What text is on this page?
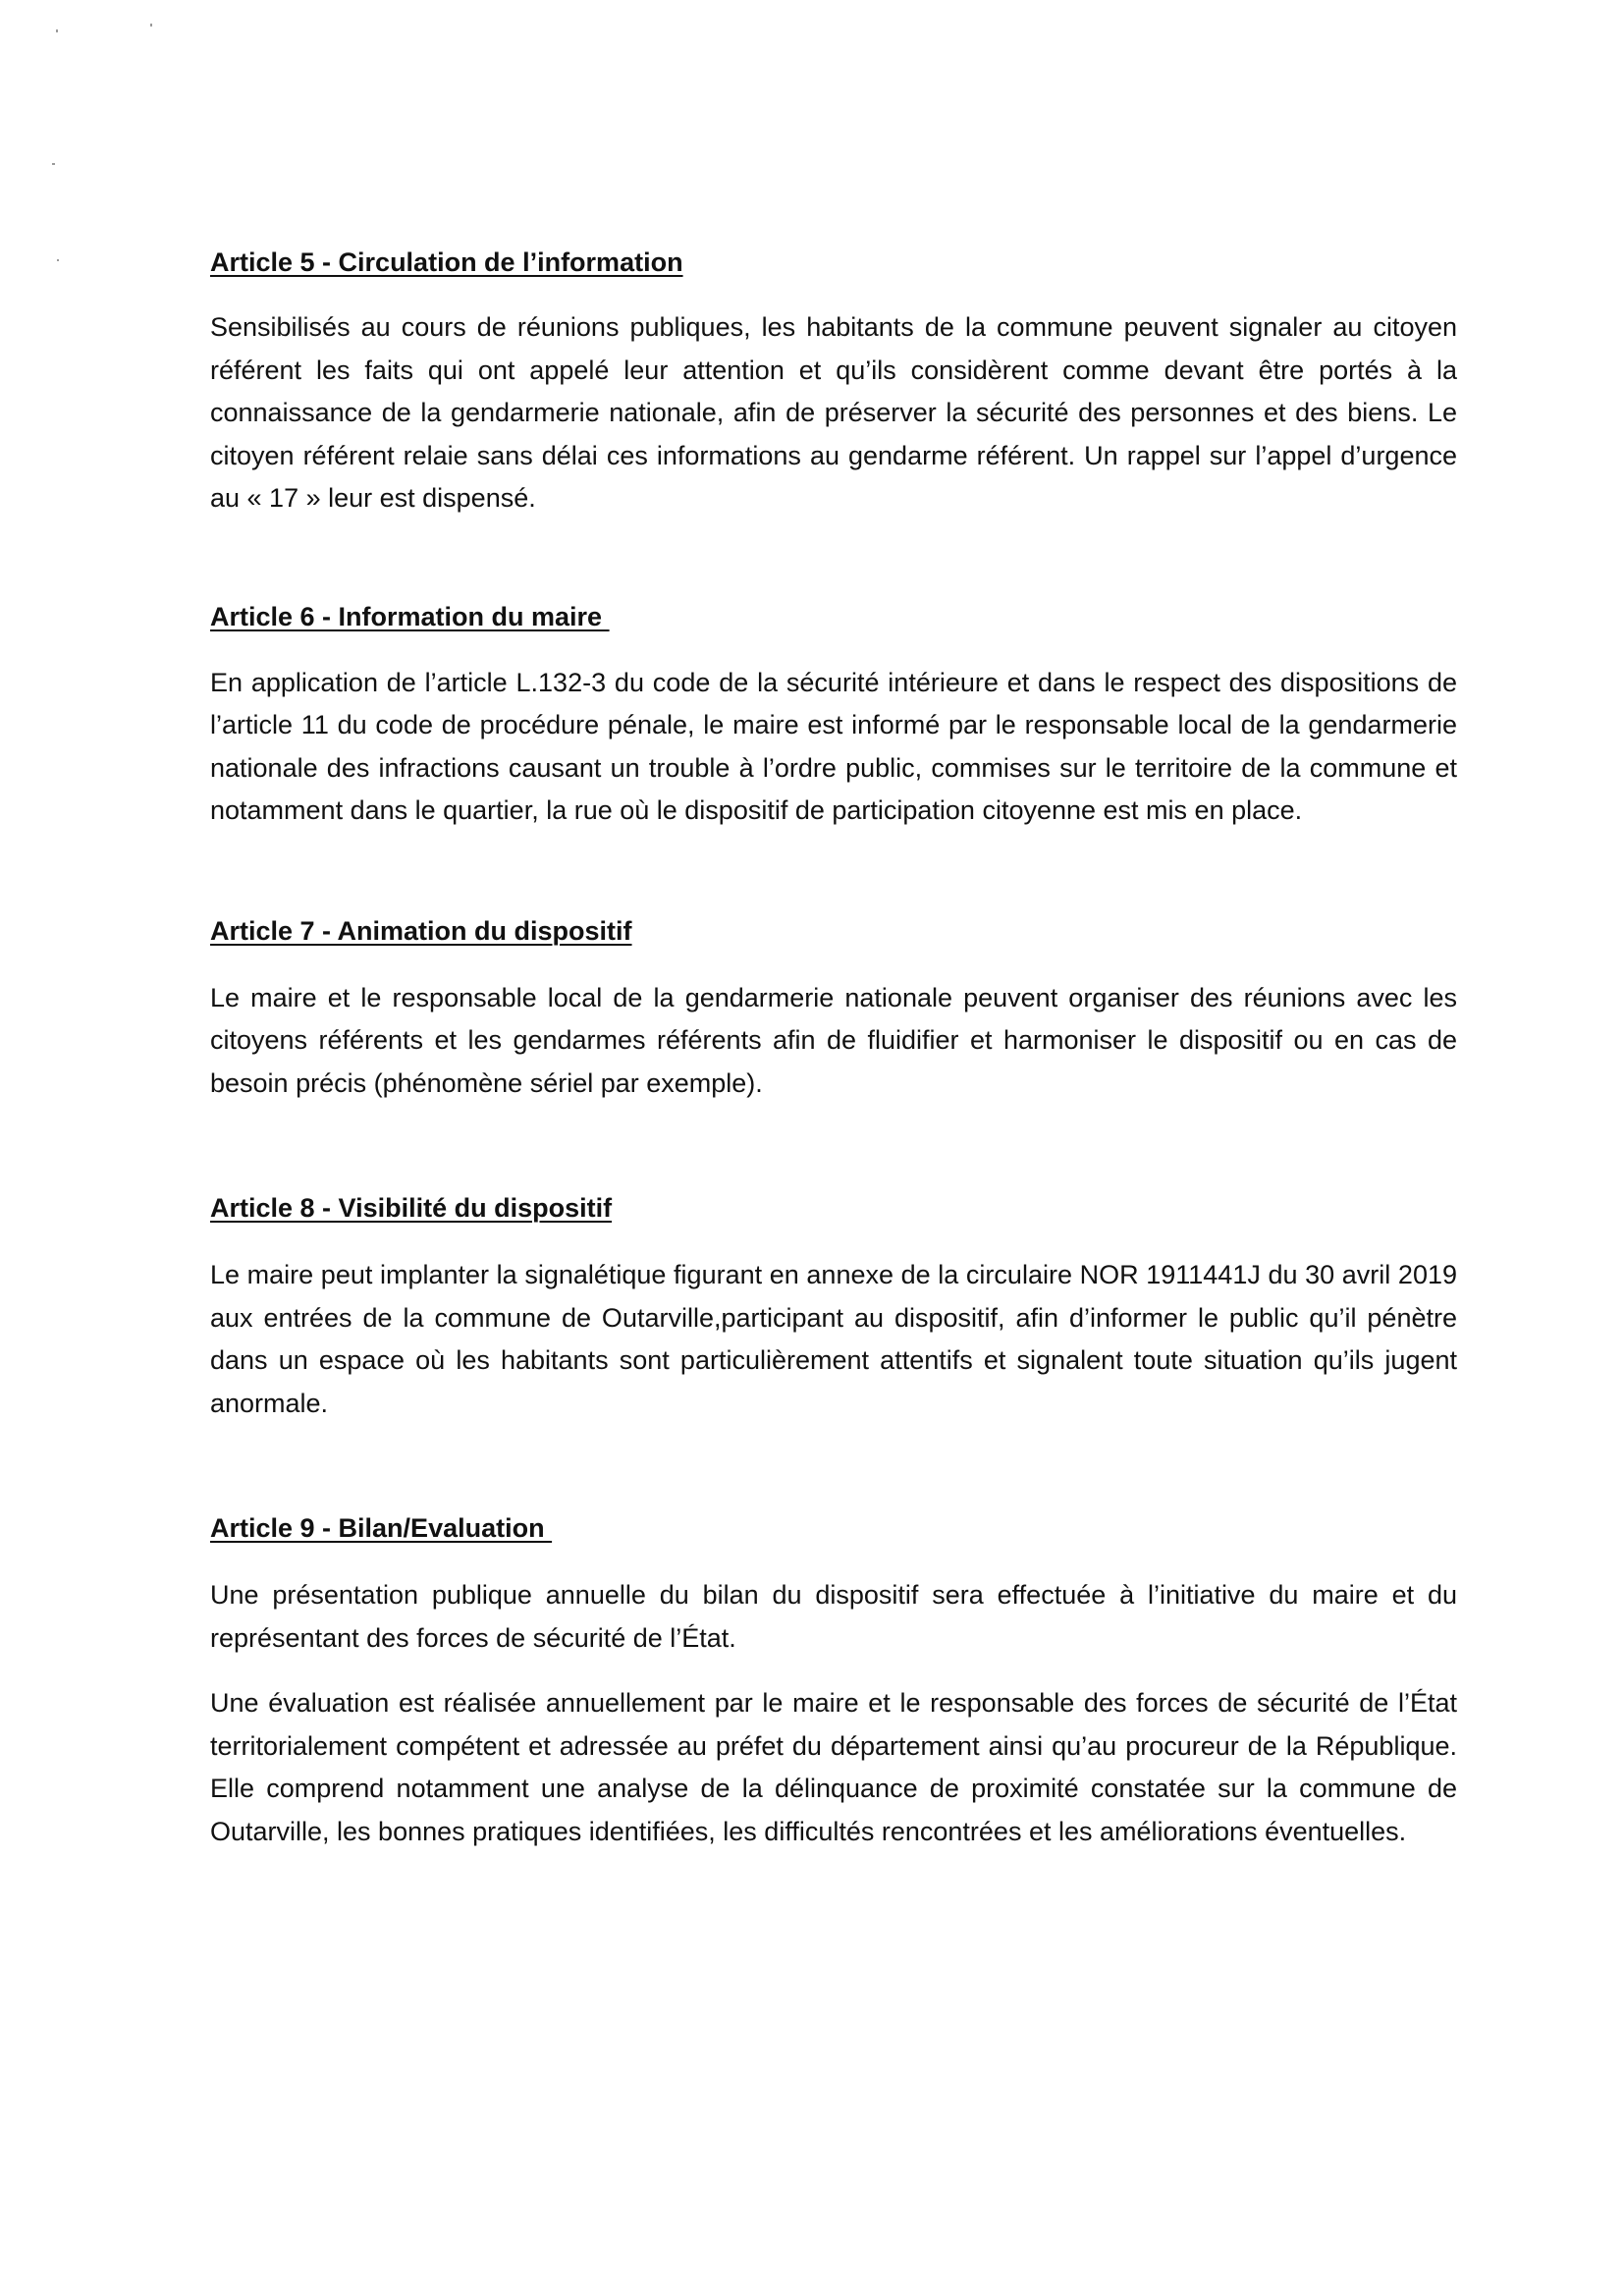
Article 5 - Circulation de l’information

Sensibilisés au cours de réunions publiques, les habitants de la commune peuvent signaler au citoyen référent les faits qui ont appelé leur attention et qu’ils considèrent comme devant être portés à la connaissance de la gendarmerie nationale, afin de préserver la sécurité des personnes et des biens. Le citoyen référent relaie sans délai ces informations au gendarme référent. Un rappel sur l’appel d’urgence au « 17 » leur est dispensé.

Article 6 - Information du maire

En application de l’article L.132-3 du code de la sécurité intérieure et dans le respect des dispositions de l’article 11 du code de procédure pénale, le maire est informé par le responsable local de la gendarmerie nationale des infractions causant un trouble à l’ordre public, commises sur le territoire de la commune et notamment dans le quartier, la rue où le dispositif de participation citoyenne est mis en place.

Article 7 - Animation du dispositif

Le maire et le responsable local de la gendarmerie nationale peuvent organiser des réunions avec les citoyens référents et les gendarmes référents afin de fluidifier et harmoniser le dispositif ou en cas de besoin précis (phénomène sériel par exemple).

Article 8 - Visibilité du dispositif

Le maire peut implanter la signalétique figurant en annexe de la circulaire NOR 1911441J du 30 avril 2019 aux entrées de la commune de Outarville,participant au dispositif, afin d’informer le public qu’il pénètre dans un espace où les habitants sont particulièrement attentifs et signalent toute situation qu’ils jugent anormale.

Article 9 - Bilan/Evaluation

Une présentation publique annuelle du bilan du dispositif sera effectuée à l’initiative du maire et du représentant des forces de sécurité de l’État.

Une évaluation est réalisée annuellement par le maire et le responsable des forces de sécurité de l’État territorialement compétent et adressée au préfet du département ainsi qu’au procureur de la République. Elle comprend notamment une analyse de la délinquance de proximité constatée sur la commune de Outarville, les bonnes pratiques identifiées, les difficultés rencontrées et les améliorations éventuelles.
